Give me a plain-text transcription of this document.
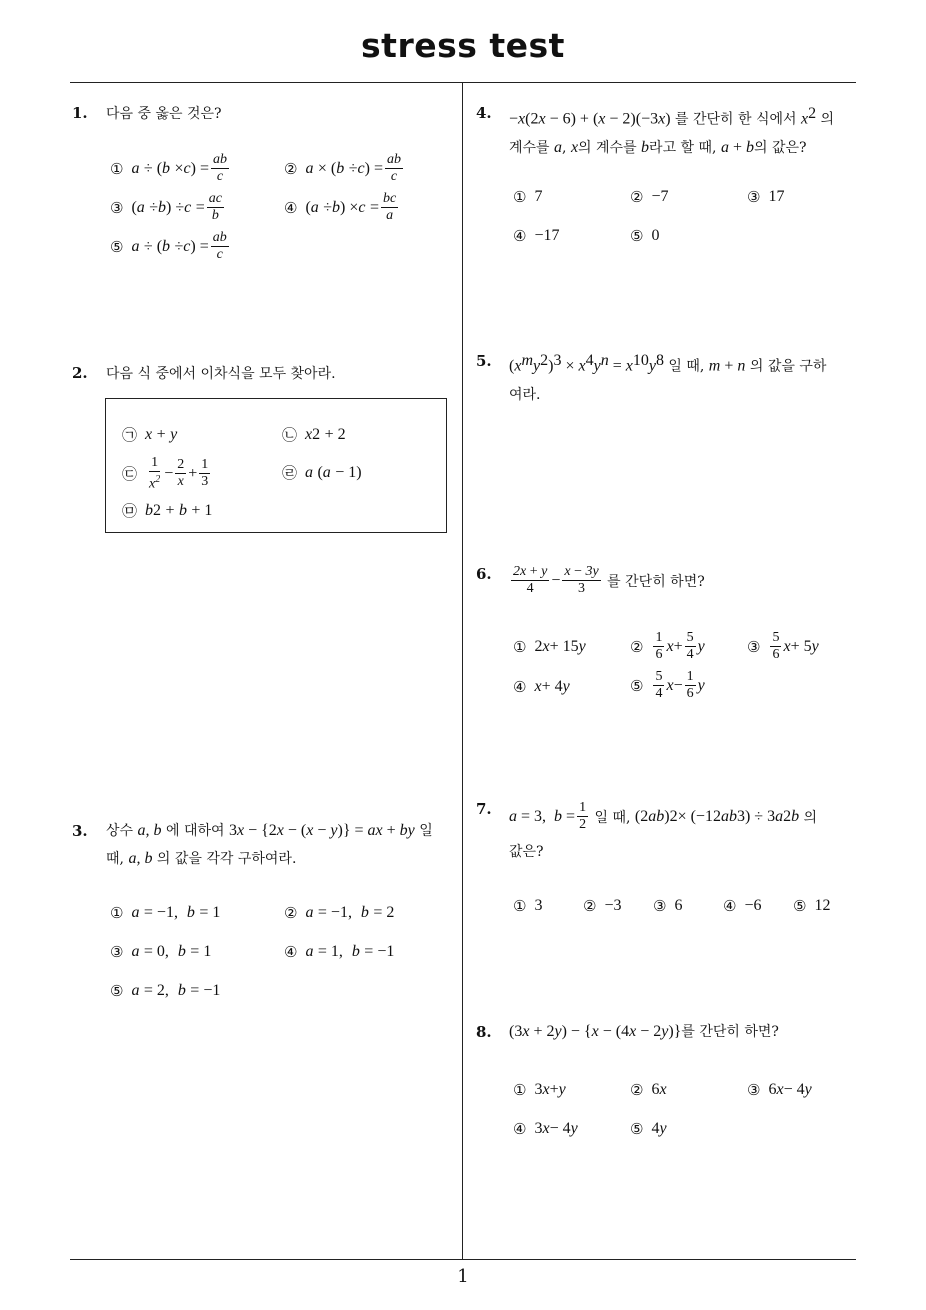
stress test
1
1. 다음 중 옳은 것은?
① a
÷ ( b
× c ) = $\frac{ab}{c}$	② a
× ( b
÷ c ) = $\frac{ab}{c}$
③ ( a
÷ b ) ÷ c
= $\frac{ac}{b}$	④ ( a
÷ b ) × c
= $\frac{bc}{a}$
⑤ a
÷ ( b
÷ c ) = $\frac{ab}{c}$
2. 다음 식 중에서 이차식을 모두 찾아라.
㉠ x
+
y	㉡ x 2
+ 2
㉢ $\frac{1}{x^2} - \frac{2}{x} + \frac{1}{3}$	㉣ a
( a
− 1)
㉤ b 2
+
b
+ 1
3. 상수 a, b 에 대하여 3x − {2x − (x − y)} = ax + by 일
때, a, b 의 값을 각각 구하여라.
① a
= −1,
b
= 1	② a
= −1,
b
= 2
③ a
= 0,
b
= 1	④ a
= 1,
b
= −1
⑤ a
= 2,
b
= −1
4. −x(2x − 6) + (x − 2)(−3x) 를 간단히 한 식에서 $x^2$ 의
계수를 a, x의 계수를 b라고 할 때, a + b의 값은?
① 7	② −7	③ 17
④ −17	⑤ 0
5. $(x^my^2)^3 \times x^4y^n = x^{10}y^8$ 일 때, m + n 의 값을 구하
여라.
6. $\frac{2x + y}{4} - \frac{x - 3y}{3}$
를 간단히 하면?
① 2 x + 15 y	② $\frac{1}{6}$ $x + \frac{5}{4}$ y	③ $\frac{5}{6}$ x + 5 y
④ x + 4 y	⑤ $\frac{5}{4}$ $x - \frac{1}{6}$ y
7. a = 3, $b = \frac{1}{2}$
일 때,
(2 ab ) 2 × (−12 ab 3 ) ÷ 3 a 2 b
의
값은?
① 3	② −3 ③ 6	④ −6 ⑤ 12
8. (3x + 2y) − {x − (4x − 2y)}를 간단히 하면?
① 3 x + y	② 6 x	③ 6 x − 4 y
④ 3 x − 4 y	⑤ 4 y
